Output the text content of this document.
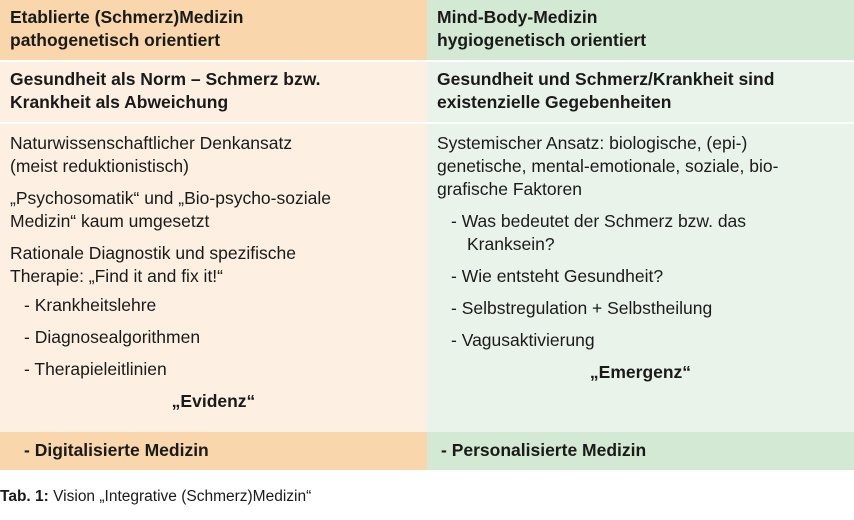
Etablierte (Schmerz)Medizin
pathogenetisch orientiert
Mind-Body-Medizin
hygiogenetisch orientiert
Gesundheit als Norm – Schmerz bzw.
Krankheit als Abweichung
Gesundheit und Schmerz/Krankheit sind
existenzielle Gegebenheiten
Naturwissenschaftlicher Denkansatz
(meist reduktionistisch)
„Psychosomatik“ und „Bio-psycho-soziale
Medizin“ kaum umgesetzt
Rationale Diagnostik und spezifische
Therapie: „Find it and fix it!“
- Krankheitslehre
- Diagnosealgorithmen
- Therapieleitlinien
„Evidenz“
Systemischer Ansatz: biologische, (epi-)
genetische, mental-emotionale, soziale, bio-
grafische Faktoren
- Was bedeutet der Schmerz bzw. das
Kranksein?
- Wie entsteht Gesundheit?
- Selbstregulation + Selbstheilung
- Vagusaktivierung
„Emergenz“
- Digitalisierte Medizin	- Personalisierte Medizin
Tab. 1: Vision „Integrative (Schmerz)Medizin“
